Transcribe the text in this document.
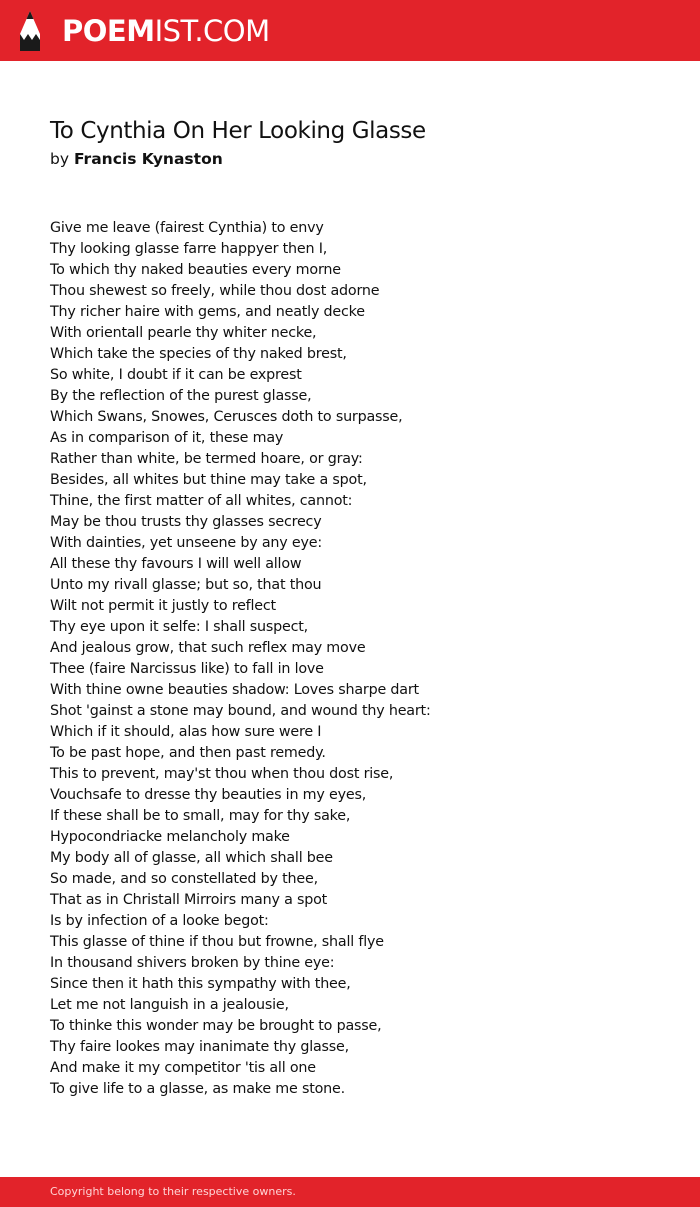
POEMIST.COM
To Cynthia On Her Looking Glasse
by Francis Kynaston
Give me leave (fairest Cynthia) to envy
Thy looking glasse farre happyer then I,
To which thy naked beauties every morne
Thou shewest so freely, while thou dost adorne
Thy richer haire with gems, and neatly decke
With orientall pearle thy whiter necke,
Which take the species of thy naked brest,
So white, I doubt if it can be exprest
By the reflection of the purest glasse,
Which Swans, Snowes, Cerusces doth to surpasse,
As in comparison of it, these may
Rather than white, be termed hoare, or gray:
Besides, all whites but thine may take a spot,
Thine, the first matter of all whites, cannot:
May be thou trusts thy glasses secrecy
With dainties, yet unseene by any eye:
All these thy favours I will well allow
Unto my rivall glasse; but so, that thou
Wilt not permit it justly to reflect
Thy eye upon it selfe: I shall suspect,
And jealous grow, that such reflex may move
Thee (faire Narcissus like) to fall in love
With thine owne beauties shadow: Loves sharpe dart
Shot 'gainst a stone may bound, and wound thy heart:
Which if it should, alas how sure were I
To be past hope, and then past remedy.
This to prevent, may'st thou when thou dost rise,
Vouchsafe to dresse thy beauties in my eyes,
If these shall be to small, may for thy sake,
Hypocondriacke melancholy make
My body all of glasse, all which shall bee
So made, and so constellated by thee,
That as in Christall Mirroirs many a spot
Is by infection of a looke begot:
This glasse of thine if thou but frowne, shall flye
In thousand shivers broken by thine eye:
Since then it hath this sympathy with thee,
Let me not languish in a jealousie,
To thinke this wonder may be brought to passe,
Thy faire lookes may inanimate thy glasse,
And make it my competitor 'tis all one
To give life to a glasse, as make me stone.
Copyright belong to their respective owners.
